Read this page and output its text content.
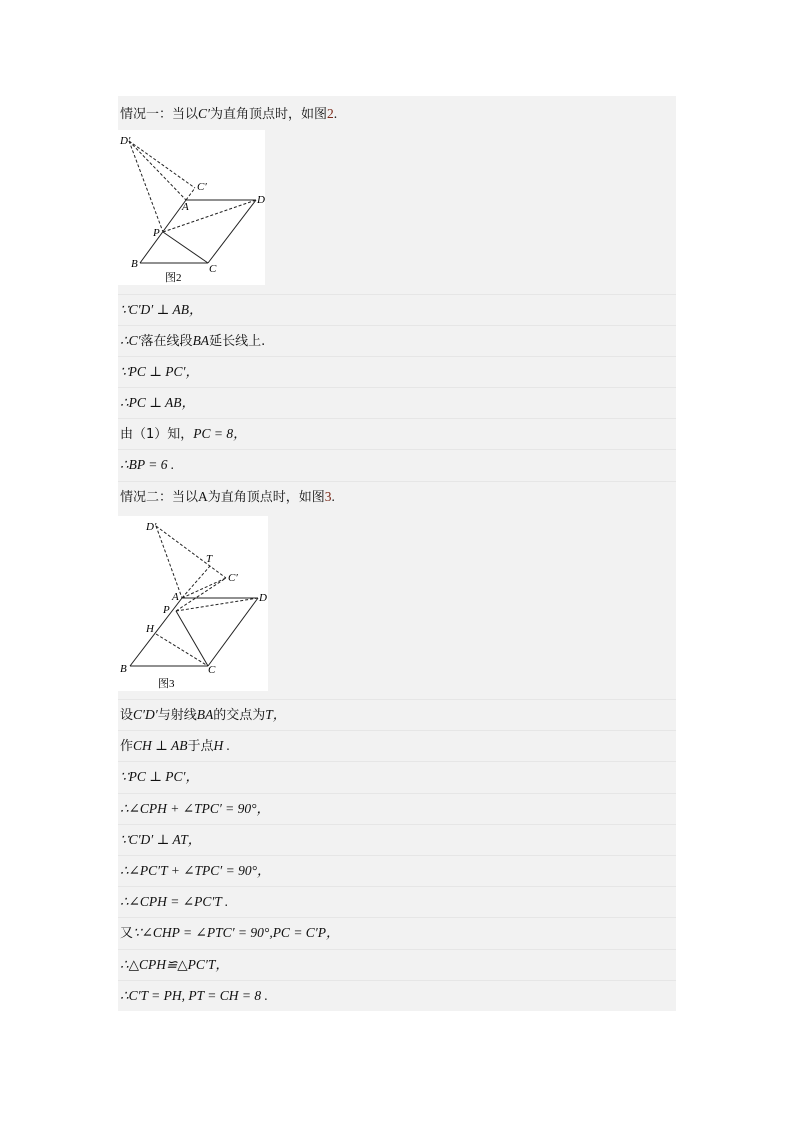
情况一：当以C′为直角顶点时，如图2.
D′
C′
A
D
P
B	C
图2
∵C′D′ ⊥ AB，
∴C′落在线段BA延长线上.
∵PC ⊥ PC′，
∴PC ⊥ AB，
由（1）知，PC = 8，
∴BP = 6 .
情况二：当以A为直角顶点时，如图3.
D′
T
C′
A	D
P
H
B	C
图3
设C′D′与射线BA的交点为T，
作CH ⊥ AB于点H .
∵PC ⊥ PC′，
∴∠CPH + ∠TPC′ = 90°，
∵C′D′ ⊥ AT，
∴∠PC′T + ∠TPC′ = 90°，
∴∠CPH = ∠PC′T .
又∵∠CHP = ∠PTC′ = 90°,PC = C′P，
∴△CPH≌△PC′T，
∴C′T = PH, PT = CH = 8 .
